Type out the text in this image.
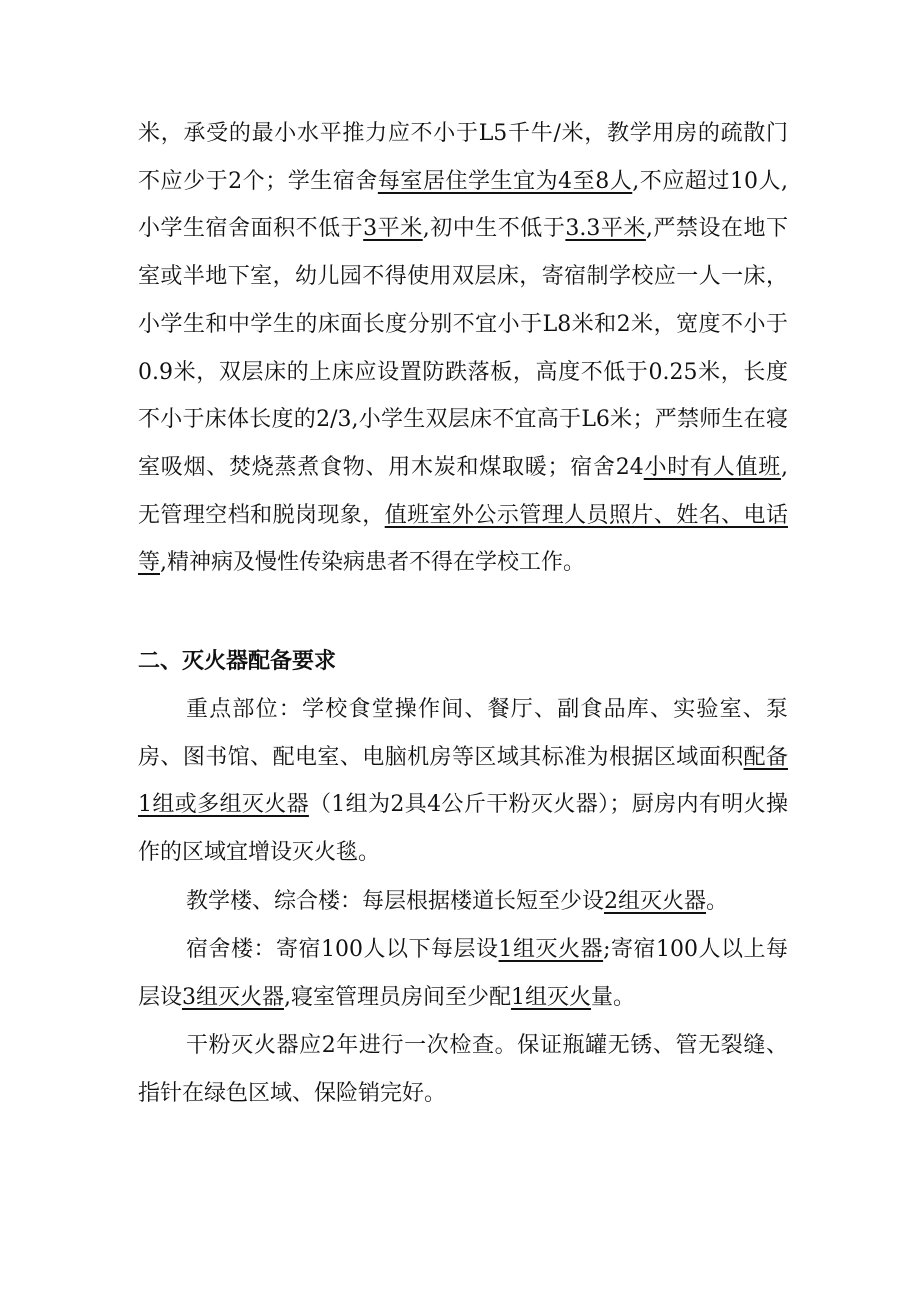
米，承受的最小水平推力应不小于L5千牛/米，教学用房的疏散门不应少于2个；学生宿舍每室居住学生宜为4至8人,不应超过10人,小学生宿舍面积不低于3平米,初中生不低于3.3平米,严禁设在地下室或半地下室，幼儿园不得使用双层床，寄宿制学校应一人一床，小学生和中学生的床面长度分别不宜小于L8米和2米，宽度不小于0.9米，双层床的上床应设置防跌落板，高度不低于0.25米，长度不小于床体长度的2/3,小学生双层床不宜高于L6米；严禁师生在寝室吸烟、焚烧蒸煮食物、用木炭和煤取暖；宿舍24小时有人值班,无管理空档和脱岗现象，值班室外公示管理人员照片、姓名、电话等,精神病及慢性传染病患者不得在学校工作。

二、灭火器配备要求

重点部位：学校食堂操作间、餐厅、副食品库、实验室、泵房、图书馆、配电室、电脑机房等区域其标准为根据区域面积配备1组或多组灭火器（1组为2具4公斤干粉灭火器）；厨房内有明火操作的区域宜增设灭火毯。

教学楼、综合楼：每层根据楼道长短至少设2组灭火器。

宿舍楼：寄宿100人以下每层设1组灭火器;寄宿100人以上每层设3组灭火器,寝室管理员房间至少配1组灭火量。

干粉灭火器应2年进行一次检查。保证瓶罐无锈、管无裂缝、指针在绿色区域、保险销完好。
